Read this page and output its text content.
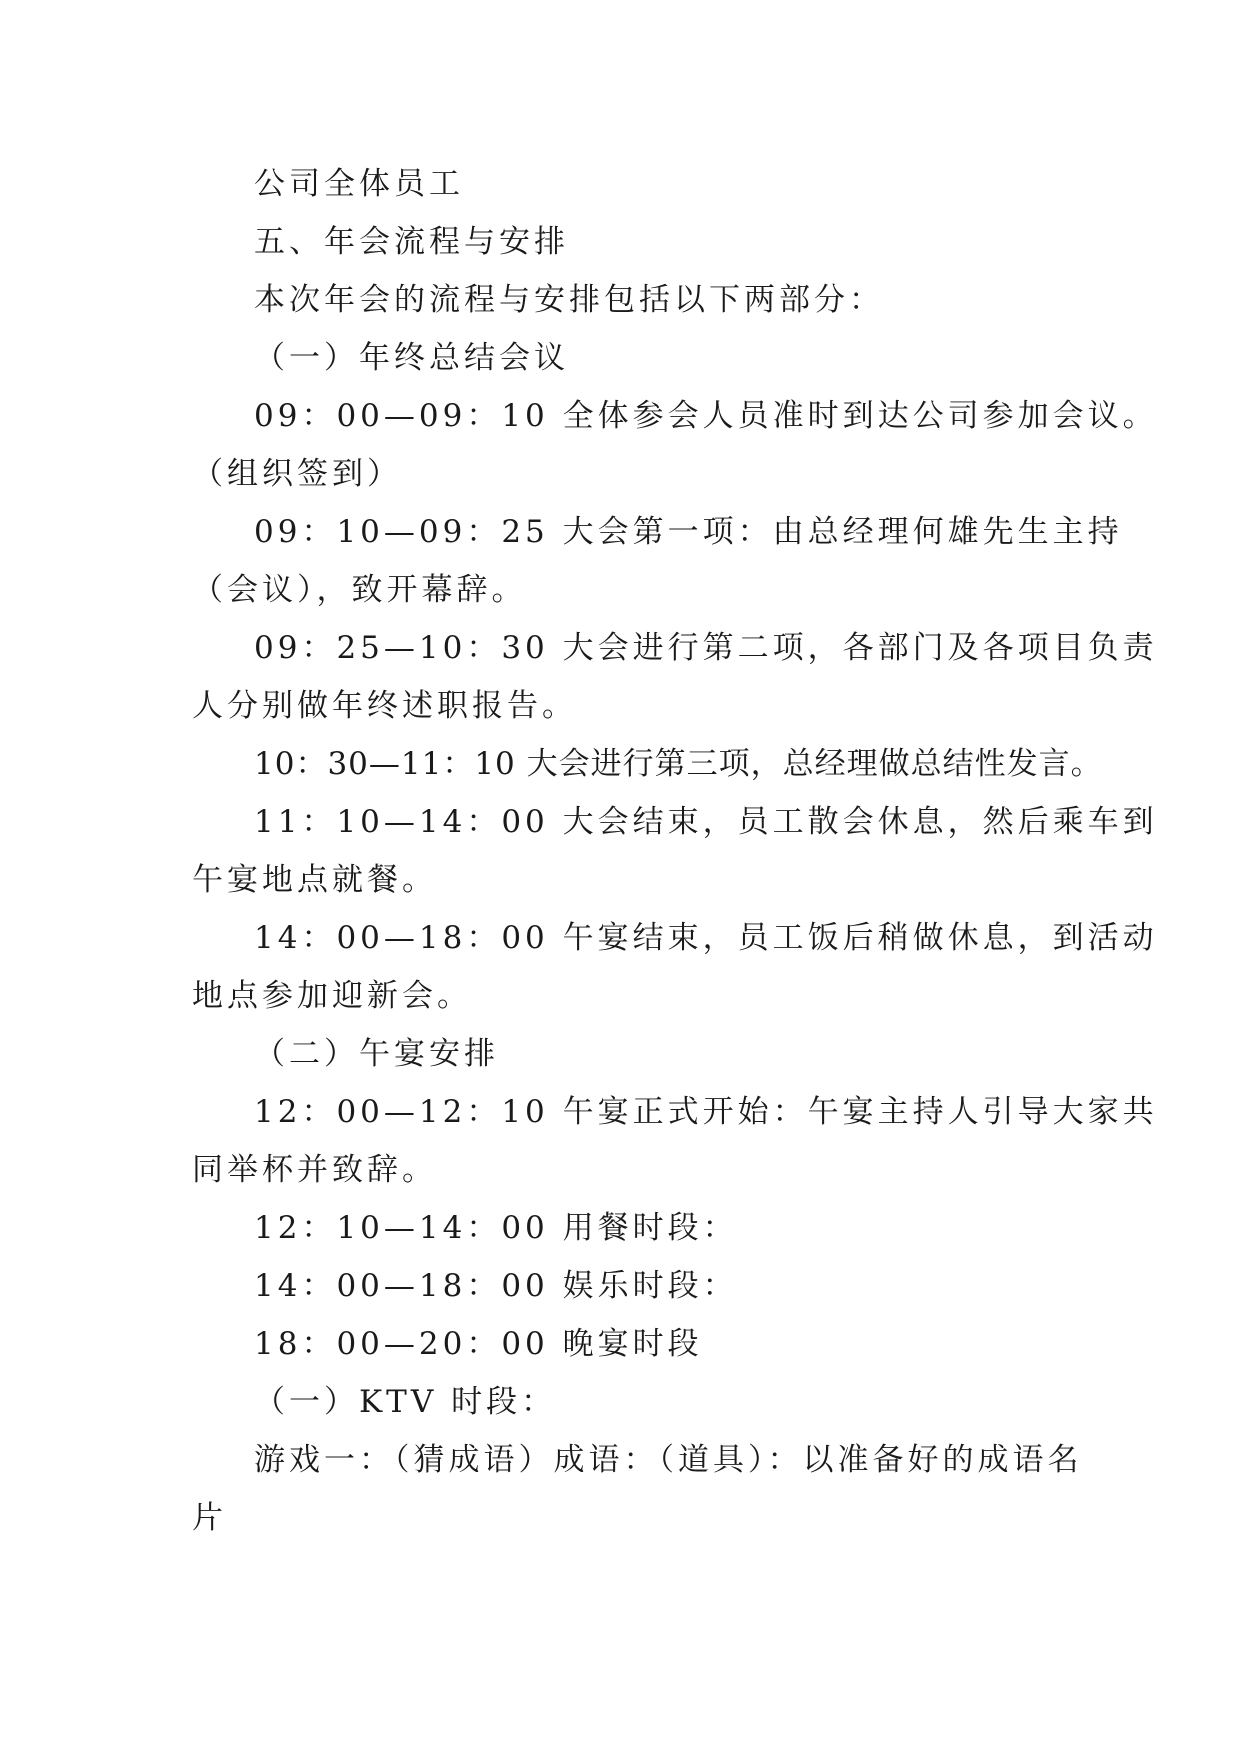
公司全体员工
五、年会流程与安排
本次年会的流程与安排包括以下两部分：
（一）年终总结会议
09：00—09：10 全体参会人员准时到达公司参加会议。
（组织签到）
09：10—09：25 大会第一项：由总经理何雄先生主持
（会议），致开幕辞。
09：25—10：30 大会进行第二项，各部门及各项目负责
人分别做年终述职报告。
10：30—11：10 大会进行第三项，总经理做总结性发言。
11：10—14：00 大会结束，员工散会休息，然后乘车到
午宴地点就餐。
14：00—18：00 午宴结束，员工饭后稍做休息，到活动
地点参加迎新会。
（二）午宴安排
12：00—12：10 午宴正式开始：午宴主持人引导大家共
同举杯并致辞。
12：10—14：00 用餐时段：
14：00—18：00 娱乐时段：
18：00—20：00 晚宴时段
（一）KTV 时段：
游戏一：（猜成语）成语：（道具）：以准备好的成语名
片
